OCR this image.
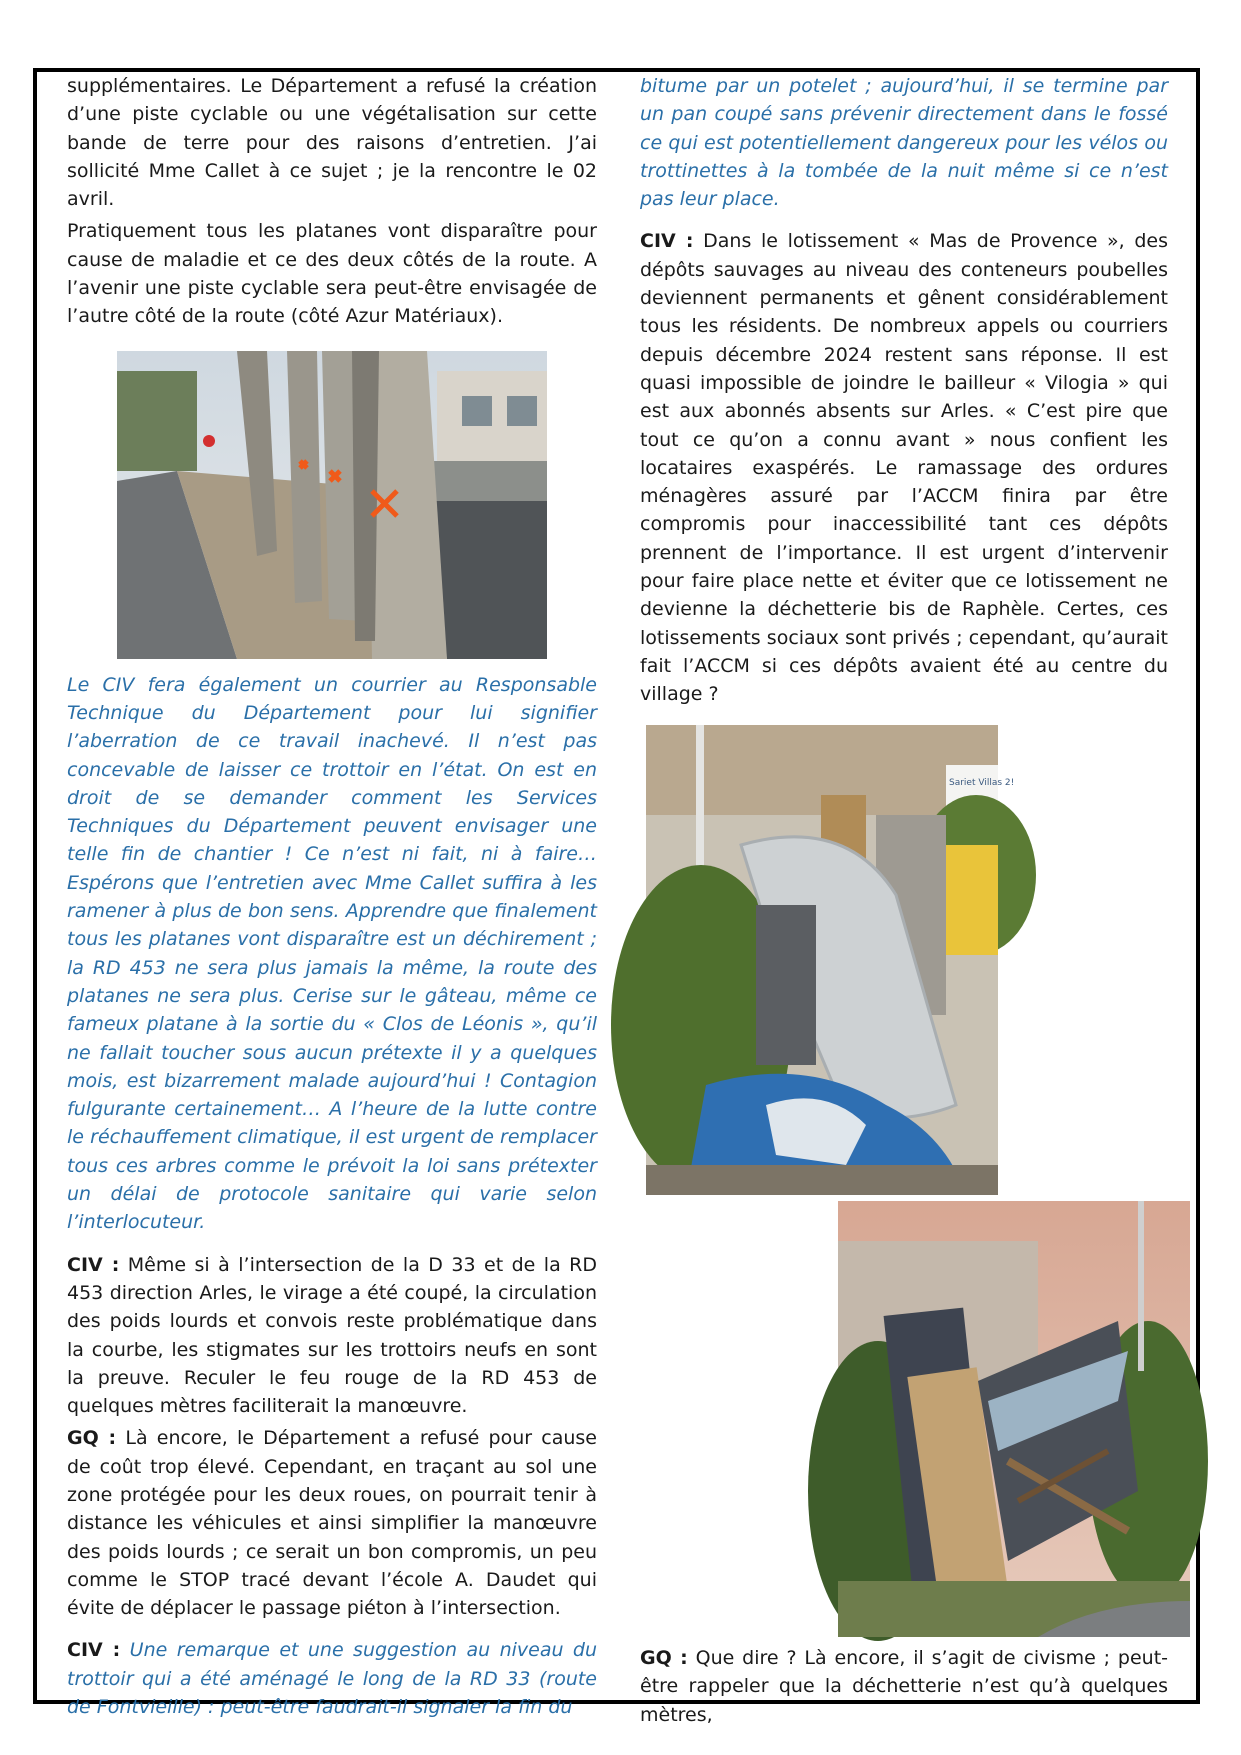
supplémentaires. Le Département a refusé la création d’une piste cyclable ou une végétalisation sur cette bande de terre pour des raisons d’entretien. J’ai sollicité Mme Callet à ce sujet ; je la rencontre le 02 avril.

Pratiquement tous les platanes vont disparaître pour cause de maladie et ce des deux côtés de la route. A l’avenir une piste cyclable sera peut-être envisagée de l’autre côté de la route (côté Azur Matériaux).

Le CIV fera également un courrier au Responsable Technique du Département pour lui signifier l’aberration de ce travail inachevé. Il n’est pas concevable de laisser ce trottoir en l’état. On est en droit de se demander comment les Services Techniques du Département peuvent envisager une telle fin de chantier ! Ce n’est ni fait, ni à faire… Espérons que l’entretien avec Mme Callet suffira à les ramener à plus de bon sens. Apprendre que finalement tous les platanes vont disparaître est un déchirement ; la RD 453 ne sera plus jamais la même, la route des platanes ne sera plus. Cerise sur le gâteau, même ce fameux platane à la sortie du « Clos de Léonis », qu’il ne fallait toucher sous aucun prétexte il y a quelques mois, est bizarrement malade aujourd’hui ! Contagion fulgurante certainement… A l’heure de la lutte contre le réchauffement climatique, il est urgent de remplacer tous ces arbres comme le prévoit la loi sans prétexter un délai de protocole sanitaire qui varie selon l’interlocuteur.

CIV : Même si à l’intersection de la D 33 et de la RD 453 direction Arles, le virage a été coupé, la circulation des poids lourds et convois reste problématique dans la courbe, les stigmates sur les trottoirs neufs en sont la preuve. Reculer le feu rouge de la RD 453 de quelques mètres faciliterait la manœuvre.

GQ : Là encore, le Département a refusé pour cause de coût trop élevé. Cependant, en traçant au sol une zone protégée pour les deux roues, on pourrait tenir à distance les véhicules et ainsi simplifier la manœuvre des poids lourds ; ce serait un bon compromis, un peu comme le STOP tracé devant l’école A. Daudet qui évite de déplacer le passage piéton à l’intersection.

CIV : Une remarque et une suggestion au niveau du trottoir qui a été aménagé le long de la RD 33 (route de Fontvieille) : peut-être faudrait-il signaler la fin du

bitume par un potelet ; aujourd’hui, il se termine par un pan coupé sans prévenir directement dans le fossé ce qui est potentiellement dangereux pour les vélos ou trottinettes à la tombée de la nuit même si ce n’est pas leur place.

CIV : Dans le lotissement « Mas de Provence », des dépôts sauvages au niveau des conteneurs poubelles deviennent permanents et gênent considérablement tous les résidents. De nombreux appels ou courriers depuis décembre 2024 restent sans réponse. Il est quasi impossible de joindre le bailleur « Vilogia » qui est aux abonnés absents sur Arles. « C’est pire que tout ce qu’on a connu avant » nous confient les locataires exaspérés. Le ramassage des ordures ménagères assuré par l’ACCM finira par être compromis pour inaccessibilité tant ces dépôts prennent de l’importance. Il est urgent d’intervenir pour faire place nette et éviter que ce lotissement ne devienne la déchetterie bis de Raphèle. Certes, ces lotissements sociaux sont privés ; cependant, qu’aurait fait l’ACCM si ces dépôts avaient été au centre du village ?

Sariet Villas 2!
GQ : Que dire ? Là encore, il s’agit de civisme ; peut-être rappeler que la déchetterie n’est qu’à quelques mètres,
